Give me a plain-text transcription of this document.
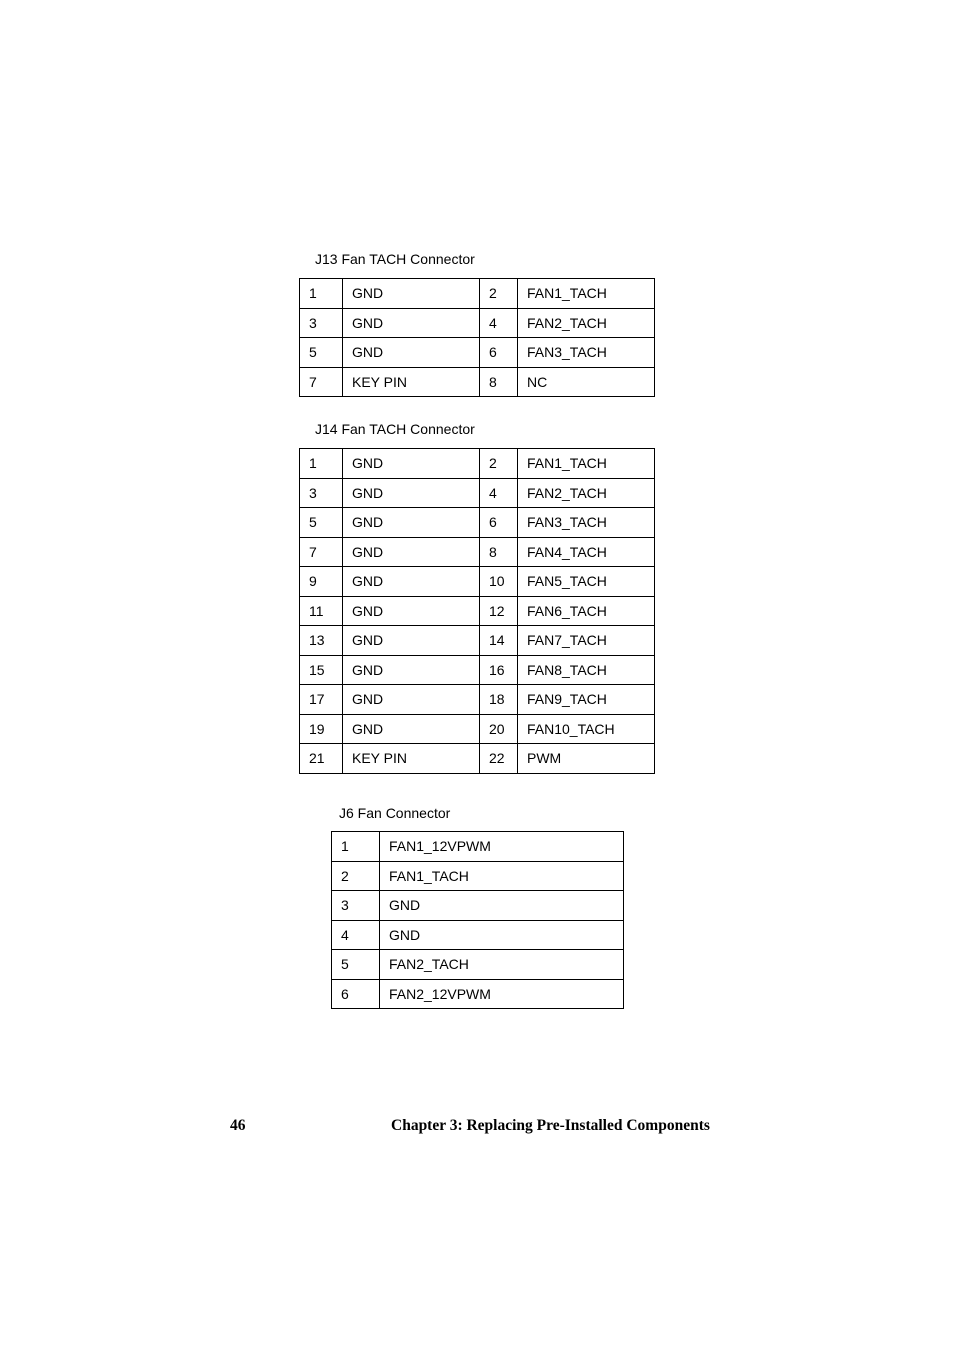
J13 Fan TACH Connector
1	GND	2	FAN1_TACH
3	GND	4	FAN2_TACH
5	GND	6	FAN3_TACH
7	KEY PIN	8	NC
J14 Fan TACH Connector
1	GND	2	FAN1_TACH
3	GND	4	FAN2_TACH
5	GND	6	FAN3_TACH
7	GND	8	FAN4_TACH
9	GND	10	FAN5_TACH
11	GND	12	FAN6_TACH
13	GND	14	FAN7_TACH
15	GND	16	FAN8_TACH
17	GND	18	FAN9_TACH
19	GND	20	FAN10_TACH
21	KEY PIN	22	PWM
J6 Fan Connector
1	FAN1_12VPWM
2	FAN1_TACH
3	GND
4	GND
5	FAN2_TACH
6	FAN2_12VPWM
46	Chapter 3: Replacing Pre-Installed Components
